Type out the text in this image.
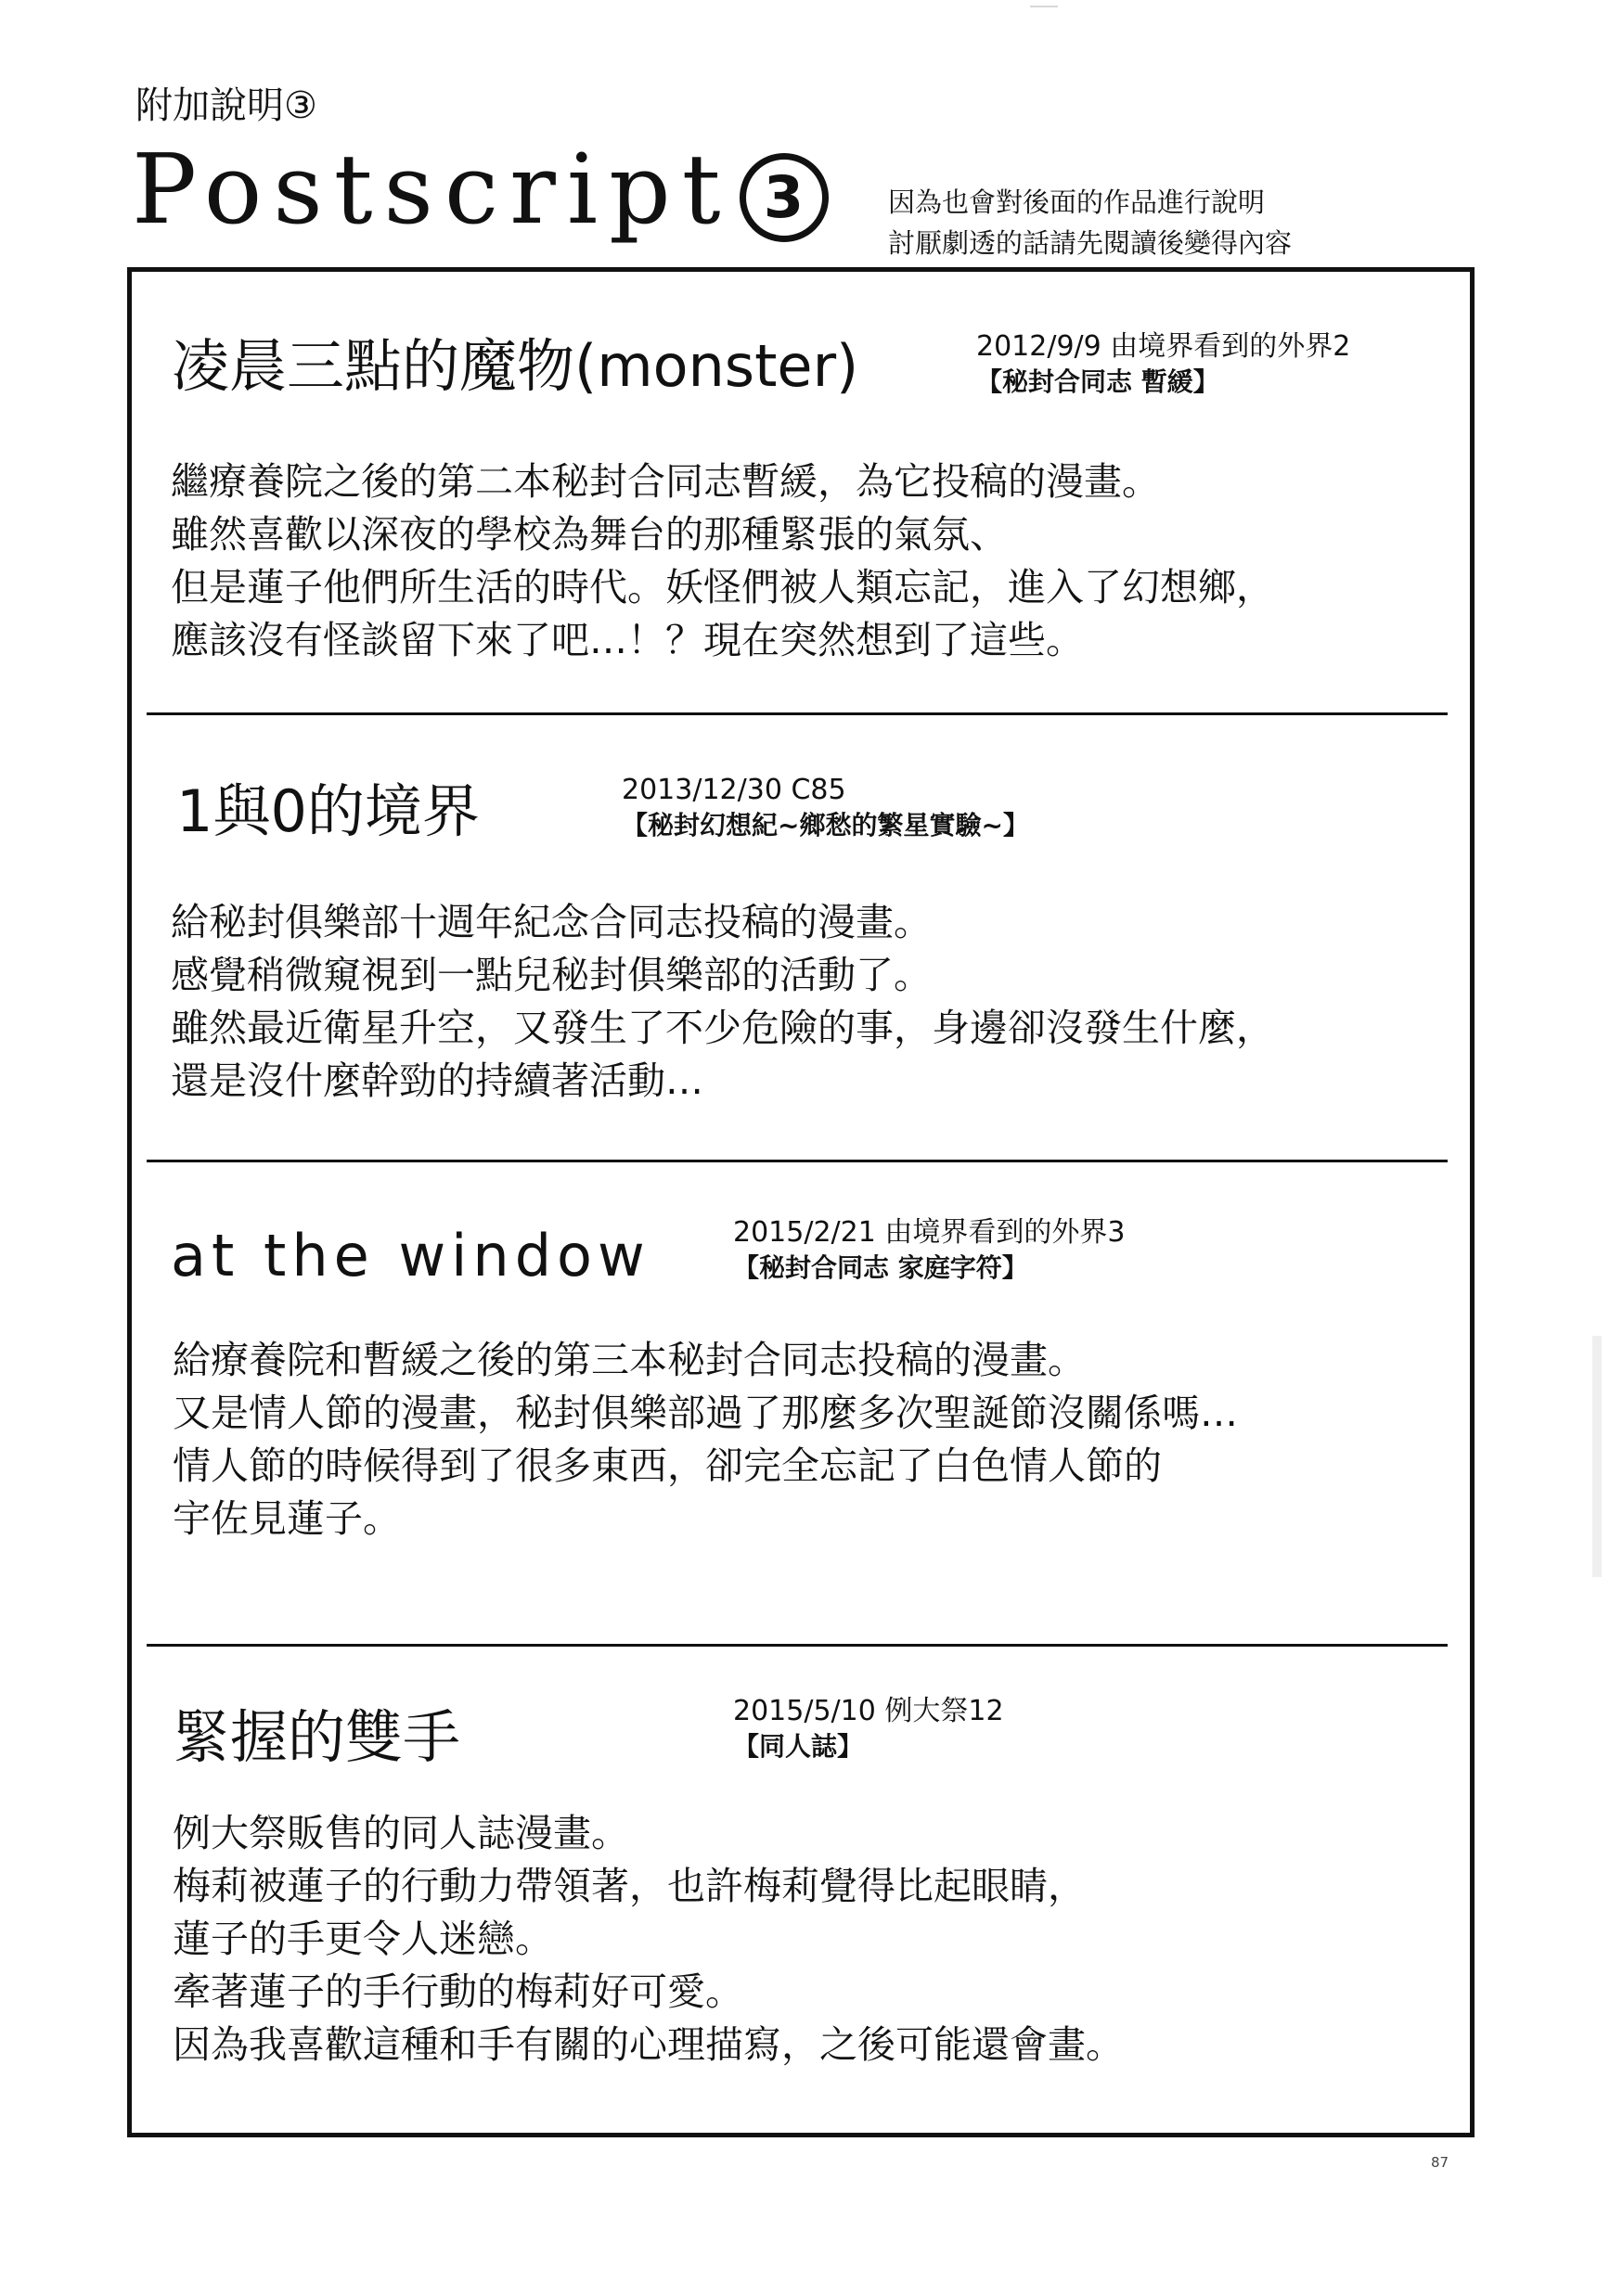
附加說明③
Postscript 3	因為也會對後面的作品進行說明
討厭劇透的話請先閱讀後變得內容
凌晨三點的魔物(monster)	2012/9/9 由境界看到的外界2
【秘封合同志 暫緩】
繼療養院之後的第二本秘封合同志暫緩，為它投稿的漫畫。
雖然喜歡以深夜的學校為舞台的那種緊張的氣氛、
但是蓮子他們所生活的時代。妖怪們被人類忘記，進入了幻想鄉，
應該沒有怪談留下來了吧…！？現在突然想到了這些。
1與0的境界	2013/12/30 C85
【秘封幻想紀~鄉愁的繁星實驗~】
給秘封俱樂部十週年紀念合同志投稿的漫畫。
感覺稍微窺視到一點兒秘封俱樂部的活動了。
雖然最近衛星升空，又發生了不少危險的事，身邊卻沒發生什麼，
還是沒什麼幹勁的持續著活動…
at the window	2015/2/21 由境界看到的外界3
【秘封合同志 家庭字符】
給療養院和暫緩之後的第三本秘封合同志投稿的漫畫。
又是情人節的漫畫，秘封俱樂部過了那麼多次聖誕節沒關係嗎…
情人節的時候得到了很多東西，卻完全忘記了白色情人節的
宇佐見蓮子。
緊握的雙手	2015/5/10 例大祭12
【同人誌】
例大祭販售的同人誌漫畫。
梅莉被蓮子的行動力帶領著，也許梅莉覺得比起眼睛，
蓮子的手更令人迷戀。
牽著蓮子的手行動的梅莉好可愛。
因為我喜歡這種和手有關的心理描寫，之後可能還會畫。
87
